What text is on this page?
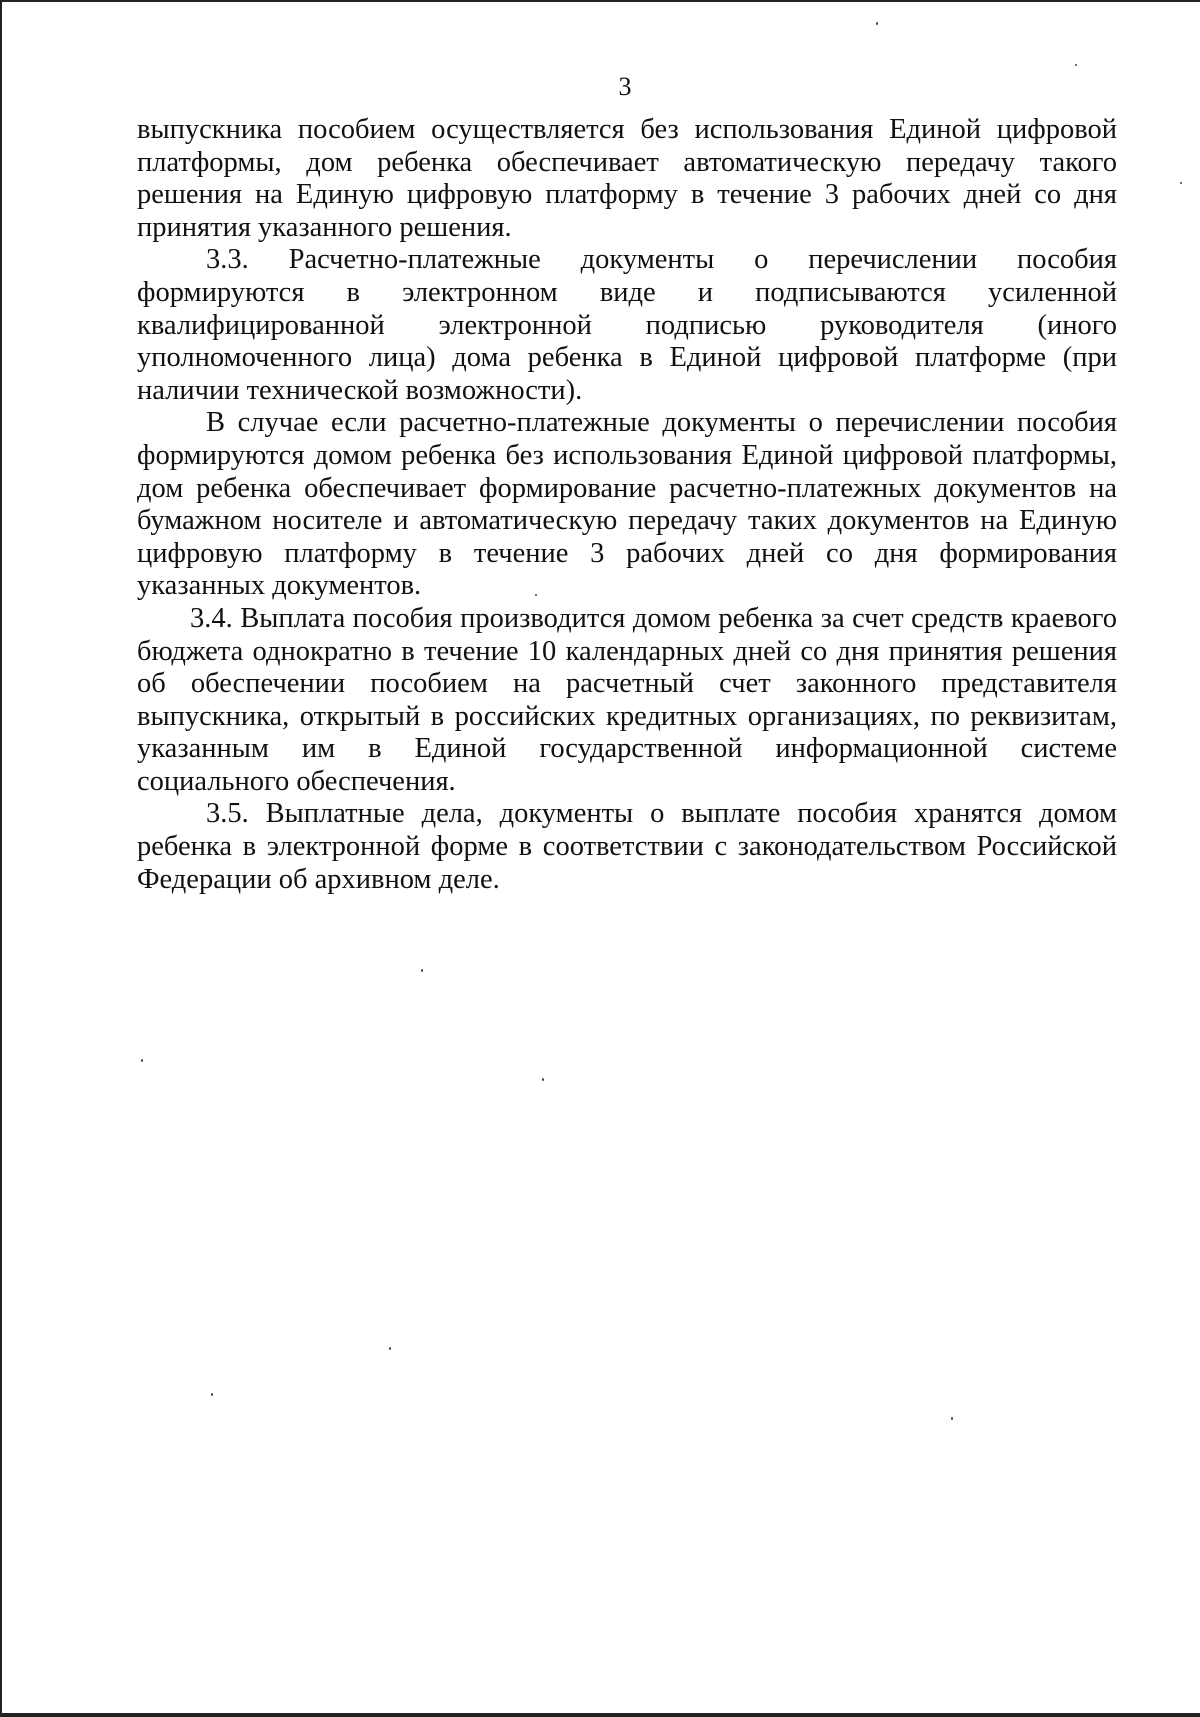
3

выпускника пособием осуществляется без использования Единой цифровой платформы, дом ребенка обеспечивает автоматическую передачу такого решения на Единую цифровую платформу в течение 3 рабочих дней со дня принятия указанного решения.

3.3. Расчетно-платежные документы о перечислении пособия формируются в электронном виде и подписываются усиленной квалифицированной электронной подписью руководителя (иного уполномоченного лица) дома ребенка в Единой цифровой платформе (при наличии технической возможности).

В случае если расчетно-платежные документы о перечислении пособия формируются домом ребенка без использования Единой цифровой платформы, дом ребенка обеспечивает формирование расчетно-платежных документов на бумажном носителе и автоматическую передачу таких документов на Единую цифровую платформу в течение 3 рабочих дней со дня формирования указанных документов.

3.4. Выплата пособия производится домом ребенка за счет средств краевого бюджета однократно в течение 10 календарных дней со дня принятия решения об обеспечении пособием на расчетный счет законного представителя выпускника, открытый в российских кредитных организациях, по реквизитам, указанным им в Единой государственной информационной системе социального обеспечения.

3.5. Выплатные дела, документы о выплате пособия хранятся домом ребенка в электронной форме в соответствии с законодательством Российской Федерации об архивном деле.
